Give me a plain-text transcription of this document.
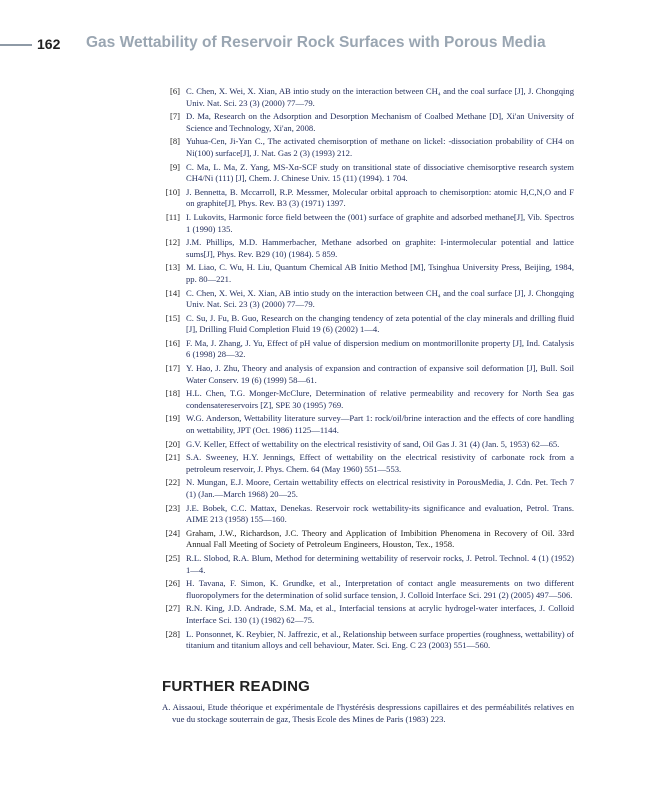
162 Gas Wettability of Reservoir Rock Surfaces with Porous Media
[6] C. Chen, X. Wei, X. Xian, AB intio study on the interaction between CH₄ and the coal surface [J], J. Chongqing Univ. Nat. Sci. 23 (3) (2000) 77—79.
[7] D. Ma, Research on the Adsorption and Desorption Mechanism of Coalbed Methane [D], Xi'an University of Science and Technology, Xi'an, 2008.
[8] Yuhua-Cen, Ji-Yan C., The activated chemisorption of methane on lickel: -dissociation probability of CH4 on Ni(100) surface[J], J. Nat. Gas 2 (3) (1993) 212.
[9] C. Ma, L. Ma, Z. Yang, MS-Xɑ-SCF study on transitional state of dissociative chemisorptive research system CH4/Ni (111) [J], Chem. J. Chinese Univ. 15 (11) (1994). 1 704.
[10] J. Bennetta, B. Mccarroll, R.P. Messmer, Molecular orbital approach to chemisorption: atomic H,C,N,O and F on graphite[J], Phys. Rev. B3 (3) (1971) 1397.
[11] I. Lukovits, Harmonic force field between the (001) surface of graphite and adsorbed methane[J], Vib. Spectros 1 (1990) 135.
[12] J.M. Phillips, M.D. Hammerbacher, Methane adsorbed on graphite: I-intermolecular potential and lattice sums[J], Phys. Rev. B29 (10) (1984). 5 859.
[13] M. Liao, C. Wu, H. Liu, Quantum Chemical AB Initio Method [M], Tsinghua University Press, Beijing, 1984, pp. 80—221.
[14] C. Chen, X. Wei, X. Xian, AB intio study on the interaction between CH₄ and the coal surface [J], J. Chongqing Univ. Nat. Sci. 23 (3) (2000) 77—79.
[15] C. Su, J. Fu, B. Guo, Research on the changing tendency of zeta potential of the clay minerals and drilling fluid [J], Drilling Fluid Completion Fluid 19 (6) (2002) 1—4.
[16] F. Ma, J. Zhang, J. Yu, Effect of pH value of dispersion medium on montmorillonite property [J], Ind. Catalysis 6 (1998) 28—32.
[17] Y. Hao, J. Zhu, Theory and analysis of expansion and contraction of expansive soil deformation [J], Bull. Soil Water Conserv. 19 (6) (1999) 58—61.
[18] H.L. Chen, T.G. Monger-McClure, Determination of relative permeability and recovery for North Sea gas condensatereservoirs [Z], SPE 30 (1995) 769.
[19] W.G. Anderson, Wettability literature survey—Part 1: rock/oil/brine interaction and the effects of core handling on wettability, JPT (Oct. 1986) 1125—1144.
[20] G.V. Keller, Effect of wettability on the electrical resistivity of sand, Oil Gas J. 31 (4) (Jan. 5, 1953) 62—65.
[21] S.A. Sweeney, H.Y. Jennings, Effect of wettability on the electrical resistivity of carbonate rock from a petroleum reservoir, J. Phys. Chem. 64 (May 1960) 551—553.
[22] N. Mungan, E.J. Moore, Certain wettability effects on electrical resistivity in PorousMedia, J. Cdn. Pet. Tech 7 (1) (Jan.—March 1968) 20—25.
[23] J.E. Bobek, C.C. Mattax, Denekas. Reservoir rock wettability-its significance and evaluation, Petrol. Trans. AIME 213 (1958) 155—160.
[24] Graham, J.W., Richardson, J.C. Theory and Application of Imbibition Phenomena in Recovery of Oil. 33rd Annual Fall Meeting of Society of Petroleum Engineers, Houston, Tex., 1958.
[25] R.L. Slobod, R.A. Blum, Method for determining wettability of reservoir rocks, J. Petrol. Technol. 4 (1) (1952) 1—4.
[26] H. Tavana, F. Simon, K. Grundke, et al., Interpretation of contact angle measurements on two different fluoropolymers for the determination of solid surface tension, J. Colloid Interface Sci. 291 (2) (2005) 497—506.
[27] R.N. King, J.D. Andrade, S.M. Ma, et al., Interfacial tensions at acrylic hydrogel-water interfaces, J. Colloid Interface Sci. 130 (1) (1982) 62—75.
[28] L. Ponsonnet, K. Reybier, N. Jaffrezic, et al., Relationship between surface properties (roughness, wettability) of titanium and titanium alloys and cell behaviour, Mater. Sci. Eng. C 23 (2003) 551—560.
FURTHER READING
A. Aissaoui, Etude théorique et expérimentale de l'hystérésis despressions capillaires et des perméabilités relatives en vue du stockage souterrain de gaz, Thesis Ecole des Mines de Paris (1983) 223.
